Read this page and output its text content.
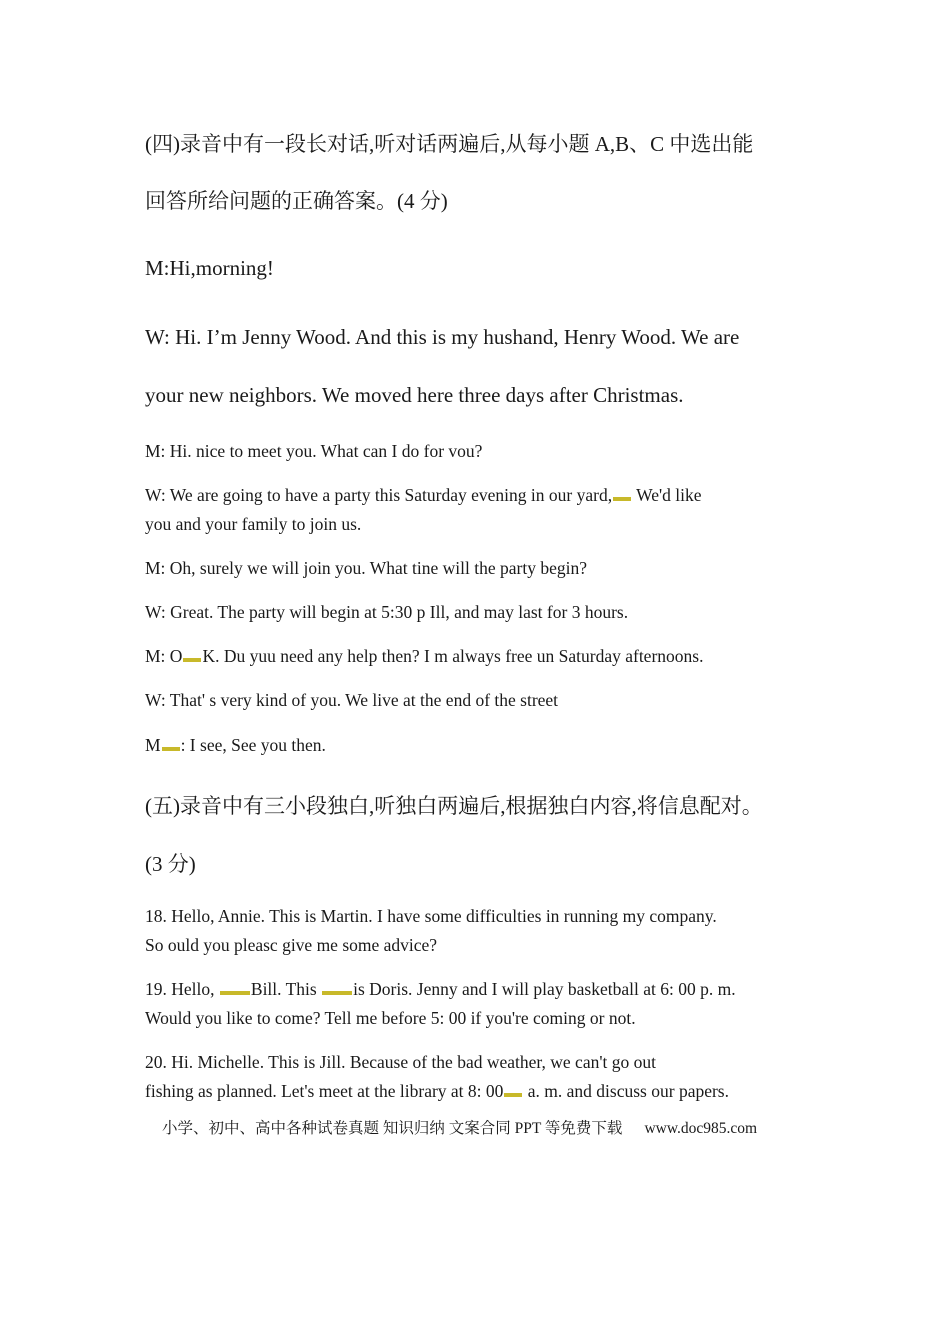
(四)录音中有一段长对话,听对话两遍后,从每小题 A,B、C 中选出能
回答所给问题的正确答案。(4 分)
M:Hi,morning!
W: Hi. I’m Jenny Wood. And this is my hushand, Henry Wood. We are
your new neighbors. We moved here three days after Christmas.
M: Hi. nice to meet you. What can I do for vou?
W: We are going to have a party this Saturday evening in our yard, We'd like
you and your family to join us.
M: Oh, surely we will join you. What tine will the party begin?
W: Great. The party will begin at 5:30 p Ill, and may last for 3 hours.
M: O K. Du yuu need any help then? I m always free un Saturday afternoons.
W: That' s very kind of you. We live at the end of the street
M : I see, See you then.
(五)录音中有三小段独白,听独白两遍后,根据独白内容,将信息配对。
(3 分)
18. Hello, Annie. This is Martin. I have some difficulties in running my company.
So ould you pleasc give me some advice?
19. Hello, Bill. This is Doris. Jenny and I will play basketball at 6: 00 p. m.
Would you like to come? Tell me before 5: 00 if you're coming or not.
20. Hi. Michelle. This is Jill. Because of the bad weather, we can't go out
fishing as planned. Let's meet at the library at 8: 00 a. m. and discuss our papers.
小学、初中、高中各种试卷真题 知识归纳 文案合同 PPT 等免费下载 www.doc985.com
